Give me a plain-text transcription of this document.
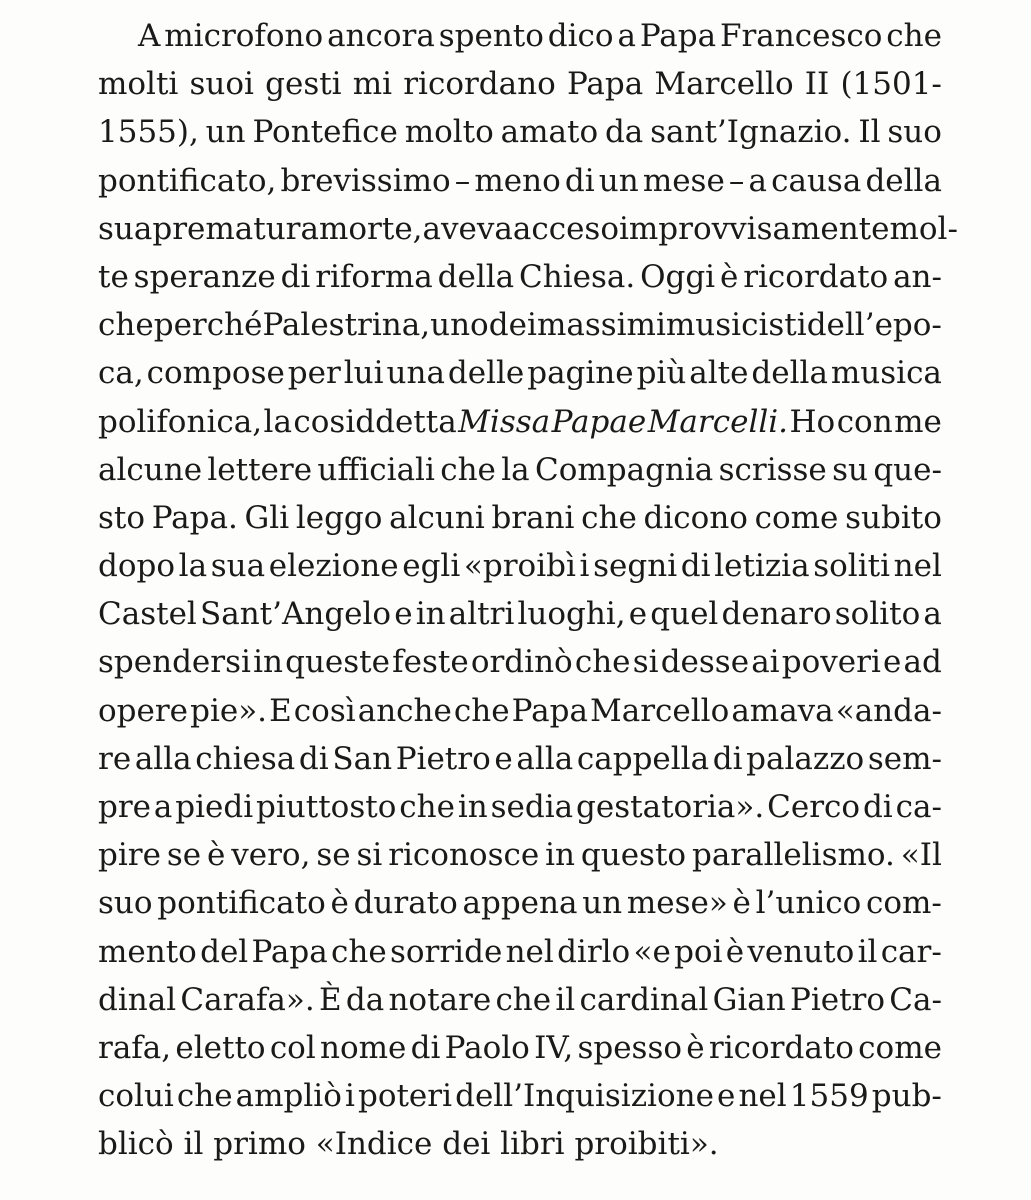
A microfono ancora spento dico a Papa Francesco che
molti suoi gesti mi ricordano Papa Marcello II (1501-
1555), un Pontefice molto amato da sant’Ignazio. Il suo
pontificato, brevissimo – meno di un mese – a causa della
sua prematura morte, aveva acceso improvvisamente mol-
te speranze di riforma della Chiesa. Oggi è ricordato an-
che perché Palestrina, uno dei massimi musicisti dell’epo-
ca, compose per lui una delle pagine più alte della musica
polifonica, la cosiddetta Missa Papae Marcelli. Ho con me
alcune lettere ufficiali che la Compagnia scrisse su que-
sto Papa. Gli leggo alcuni brani che dicono come subito
dopo la sua elezione egli «proibì i segni di letizia soliti nel
Castel Sant’Angelo e in altri luoghi, e quel denaro solito a
spendersi in queste feste ordinò che si desse ai poveri e ad
opere pie». E così anche che Papa Marcello amava «anda-
re alla chiesa di San Pietro e alla cappella di palazzo sem-
pre a piedi piuttosto che in sedia gestatoria». Cerco di ca-
pire se è vero, se si riconosce in questo parallelismo. «Il
suo pontificato è durato appena un mese» è l’unico com-
mento del Papa che sorride nel dirlo «e poi è venuto il car-
dinal Carafa». È da notare che il cardinal Gian Pietro Ca-
rafa, eletto col nome di Paolo IV, spesso è ricordato come
colui che ampliò i poteri dell’Inquisizione e nel 1559 pub-
blicò il primo «Indice dei libri proibiti».
